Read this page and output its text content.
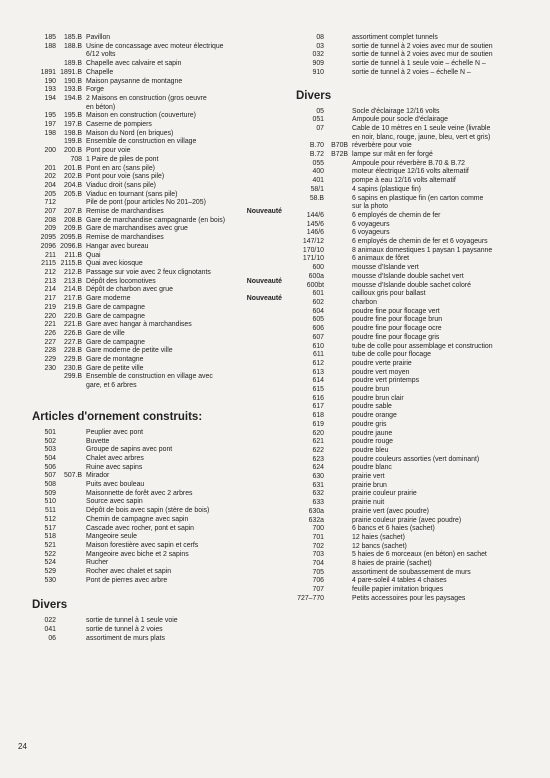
185	185.B Pavillon
188	188.B Usine de concassage avec moteur électrique
6/12 volts
189.B Chapelle avec calvaire et sapin
1891 1891.B Chapelle
190	190.B Maison paysanne de montagne
193	193.B Forge
194	194.B 2 Maisons en construction (gros oeuvre
en béton)
195	195.B Maison en construction (couverture)
197	197.B Caserne de pompiers
198	198.B Maison du Nord (en briques)
199.B Ensemble de construction en village
200	200.B Pont pour voie
708 1 Paire de piles de pont
201	201.B Pont en arc (sans pile)
202	202.B Pont pour voie (sans pile)
204	204.B Viaduc droit (sans pile)
205	205.B Viaduc en tournant (sans pile)
712	Pile de pont (pour articles No 201–205)
207	207.B Remise de marchandises	Nouveauté
208	208.B Gare de marchandise campagnarde (en bois)
209	209.B Gare de marchandises avec grue
2095 2095.B Remise de marchandises
2096 2096.B Hangar avec bureau
211	211.B Quai
2115 2115.B Quai avec kiosque
212	212.B Passage sur voie avec 2 feux clignotants
213	213.B Dépôt des locomotives	Nouveauté
214	214.B Dépôt de charbon avec grue
217	217.B Gare moderne	Nouveauté
219	219.B Gare de campagne
220	220.B Gare de campagne
221	221.B Gare avec hangar à marchandises
226	226.B Gare de ville
227	227.B Gare de campagne
228	228.B Gare moderne de petite ville
229	229.B Gare de montagne
230	230.B Gare de petite ville
299.B Ensemble de construction en village avec
gare, et 6 arbres
Articles d'ornement construits:
501	Peuplier avec pont
502	Buvette
503	Groupe de sapins avec pont
504	Chalet avec arbres
506	Ruine avec sapins
507	507.B Mirador
508	Puits avec bouleau
509	Maisonnette de forêt avec 2 arbres
510	Source avec sapin
511	Dépôt de bois avec sapin (stère de bois)
512	Chemin de campagne avec sapin
517	Cascade avec rocher, pont et sapin
518	Mangeoire seule
521	Maison forestière avec sapin et cerfs
522	Mangeoire avec biche et 2 sapins
524	Rucher
529	Rocher avec chalet et sapin
530	Pont de pierres avec arbre
Divers
022	sortie de tunnel à 1 seule voie
041	sortie de tunnel à 2 voies
06	assortiment de murs plats
08	assortiment complet tunnels
03	sortie de tunnel à 2 voies avec mur de soutien
032	sortie de tunnel à 2 voies avec mur de soutien
909	sortie de tunnel à 1 seule voie – échelle N –
910	sortie de tunnel à 2 voies – échelle N –
Divers
05	Socle d'éclairage 12/16 volts
051	Ampoule pour socle d'éclairage
07	Cable de 10 mètres en 1 seule veine (livrable
en noir, blanc, rouge, jaune, bleu, vert et gris)
B.70	B70B réverbère pour voie
B.72	B72B lampe sur mât en fer forgé
055	Ampoule pour réverbère B.70 & B.72
400	moteur électrique 12/16 volts alternatif
401	pompe à eau 12/16 volts alternatif
58/1	4 sapins (plastique fin)
58.B	6 sapins en plastique fin (en carton comme
sur la photo
144/6	6 employés de chemin de fer
145/6	6 voyageurs
146/6	6 voyageurs
147/12	6 employés de chemin de fer et 6 voyageurs
170/10	8 animaux domestiques 1 paysan 1 paysanne
171/10	6 animaux de fôret
600	mousse d'Islande vert
600a	mousse d'Islande double sachet vert
600bt	mousse d'Islande double sachet coloré
601	cailloux gris pour ballast
602	charbon
604	poudre fine pour flocage vert
605	poudre fine pour flocage brun
606	poudre fine pour flocage ocre
607	poudre fine pour flocage gris
610	tube de colle pour assemblage et construction
611	tube de colle pour flocage
612	poudre verte prairie
613	poudre vert moyen
614	poudre vert printemps
615	poudre brun
616	poudre brun clair
617	poudre sable
618	poudre orange
619	poudre gris
620	poudre jaune
621	poudre rouge
622	poudre bleu
623	poudre couleurs assorties (vert dominant)
624	poudre blanc
630	prairie vert
631	prairie brun
632	prairie couleur prairie
633	prairie nuit
630a	prairie vert (avec poudre)
632a	prairie couleur prairie (avec poudre)
700	6 bancs et 6 haies (sachet)
701	12 haies (sachet)
702	12 bancs (sachet)
703	5 haies de 6 morceaux (en béton) en sachet
704	8 haies de prairie (sachet)
705	assortiment de soubassement de murs
706	4 pare-soleil 4 tables 4 chaises
707	feuille papier imitation briques
727–770	Petits accessoires pour les paysages
24
